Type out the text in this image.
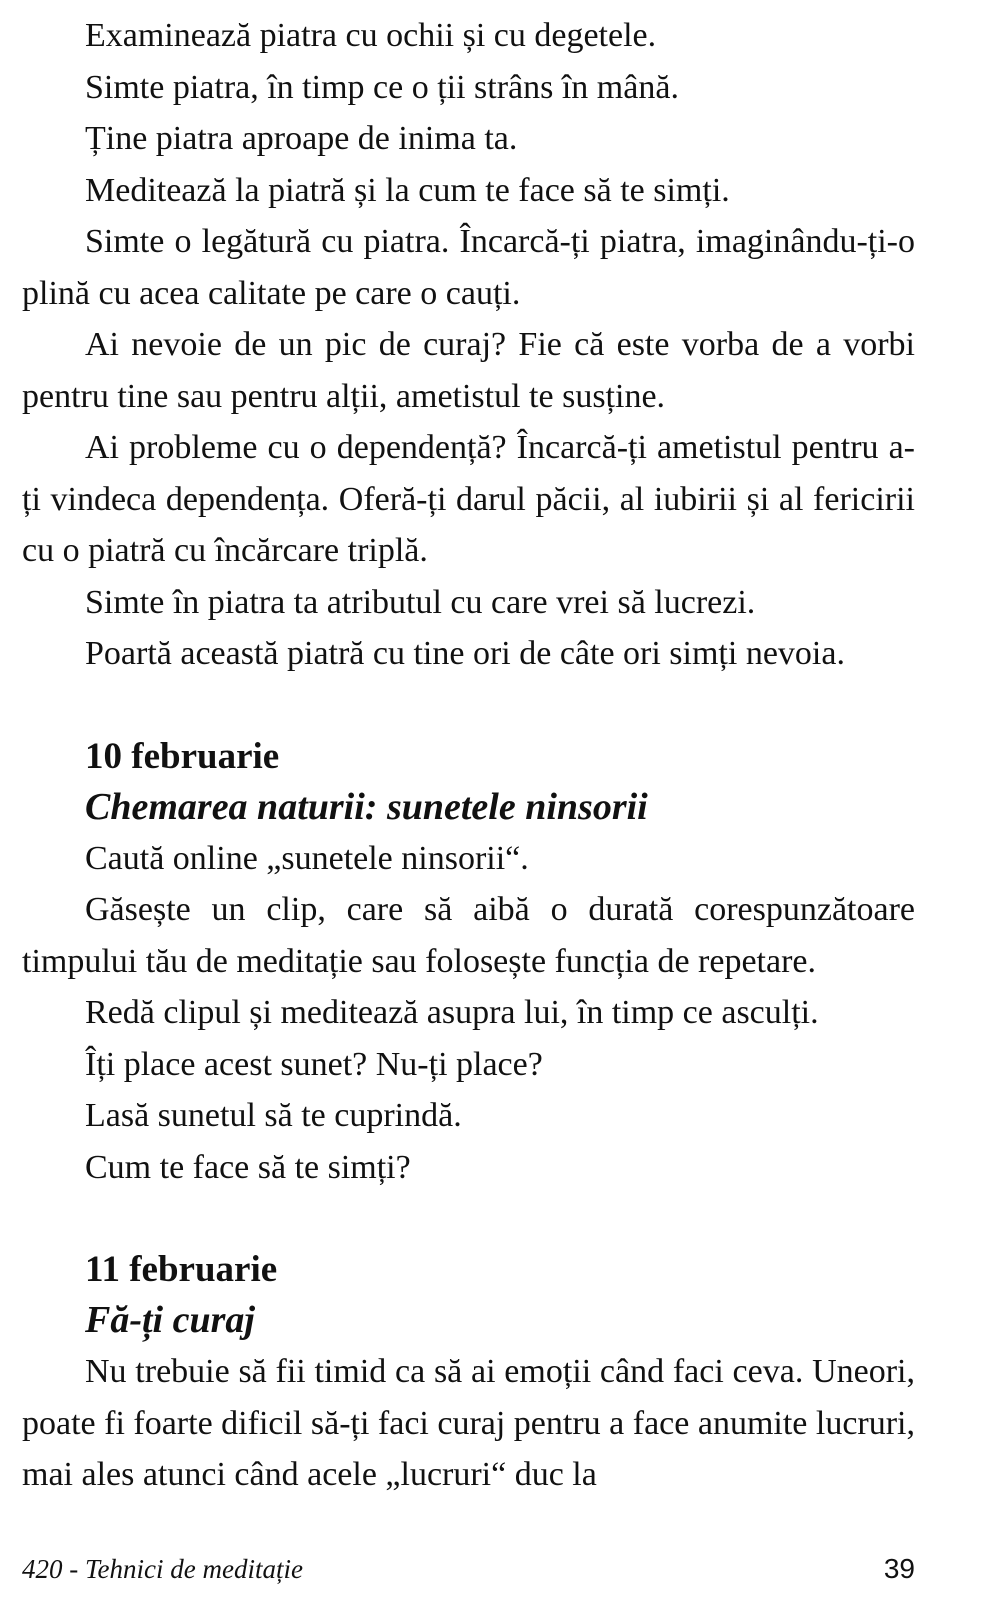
Examinează piatra cu ochii și cu degetele.

Simte piatra, în timp ce o ții strâns în mână.

Ține piatra aproape de inima ta.

Meditează la piatră și la cum te face să te simți.

Simte o legătură cu piatra. Încarcă-ți piatra, imaginându-ți-o plină cu acea calitate pe care o cauți.

Ai nevoie de un pic de curaj? Fie că este vorba de a vorbi pentru tine sau pentru alții, ametistul te susține.

Ai probleme cu o dependență? Încarcă-ți ametistul pentru a-ți vindeca dependența. Oferă-ți darul păcii, al iubirii și al fericirii cu o piatră cu încărcare triplă.

Simte în piatra ta atributul cu care vrei să lucrezi.

Poartă această piatră cu tine ori de câte ori simți nevoia.

10 februarie
Chemarea naturii: sunetele ninsorii

Caută online „sunetele ninsorii“.

Găsește un clip, care să aibă o durată corespunzătoare timpului tău de meditație sau folosește funcția de repetare.

Redă clipul și meditează asupra lui, în timp ce asculți.

Îți place acest sunet? Nu-ți place?

Lasă sunetul să te cuprindă.

Cum te face să te simți?

11 februarie
Fă-ți curaj

Nu trebuie să fii timid ca să ai emoții când faci ceva. Uneori, poate fi foarte dificil să-ți faci curaj pentru a face anumite lucruri, mai ales atunci când acele „lucruri“ duc la

420 - Tehnici de meditație	39
